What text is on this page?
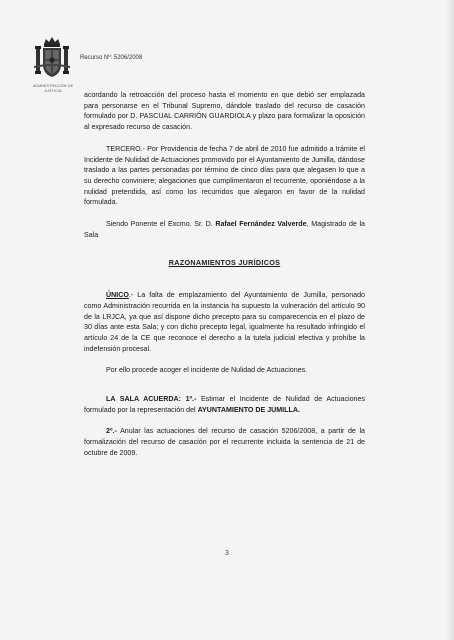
ADMINISTRACIÓN DE JUSTICIA
Recurso Nº: 5206/2008

acordando la retroacción del proceso hasta el momento en que debió ser emplazada para personarse en el Tribunal Supremo, dándole traslado del recurso de casación formulado por D. PASCUAL CARRIÓN GUARDIOLA y plazo para formalizar la oposición al expresado recurso de casación.

TERCERO.- Por Providencia de fecha 7 de abril de 2010 fue admitido a trámite el Incidente de Nulidad de Actuaciones promovido por el Ayuntamiento de Jumilla, dándose traslado a las partes personadas por término de cinco días para que alegasen lo que a su derecho conviniere; alegaciones que cumplimentaron el recurrente, oponiéndose a la nulidad pretendida, así como los recurridos que alegaron en favor de la nulidad formulada.

Siendo Ponente el Excmo. Sr. D. Rafael Fernández Valverde, Magistrado de la Sala

RAZONAMIENTOS JURÍDICOS

ÚNICO.- La falta de emplazamiento del Ayuntamiento de Jumilla, personado como Administración recurrida en la instancia ha supuesto la vulneración del artículo 90 de la LRJCA, ya que así dispone dicho precepto para su comparecencia en el plazo de 30 días ante esta Sala; y con dicho precepto legal, igualmente ha resultado infringido el artículo 24 de la CE que reconoce el derecho a la tutela judicial efectiva y prohíbe la indefensión procesal.

Por ello procede acoger el incidente de Nulidad de Actuaciones.

LA SALA ACUERDA: 1º.- Estimar el Incidente de Nulidad de Actuaciones formulado por la representación del AYUNTAMIENTO DE JUMILLA.

2º.- Anular las actuaciones del recurso de casación 5206/2008, a partir de la formalización del recurso de casación por el recurrente incluida la sentencia de 21 de octubre de 2009.

3
